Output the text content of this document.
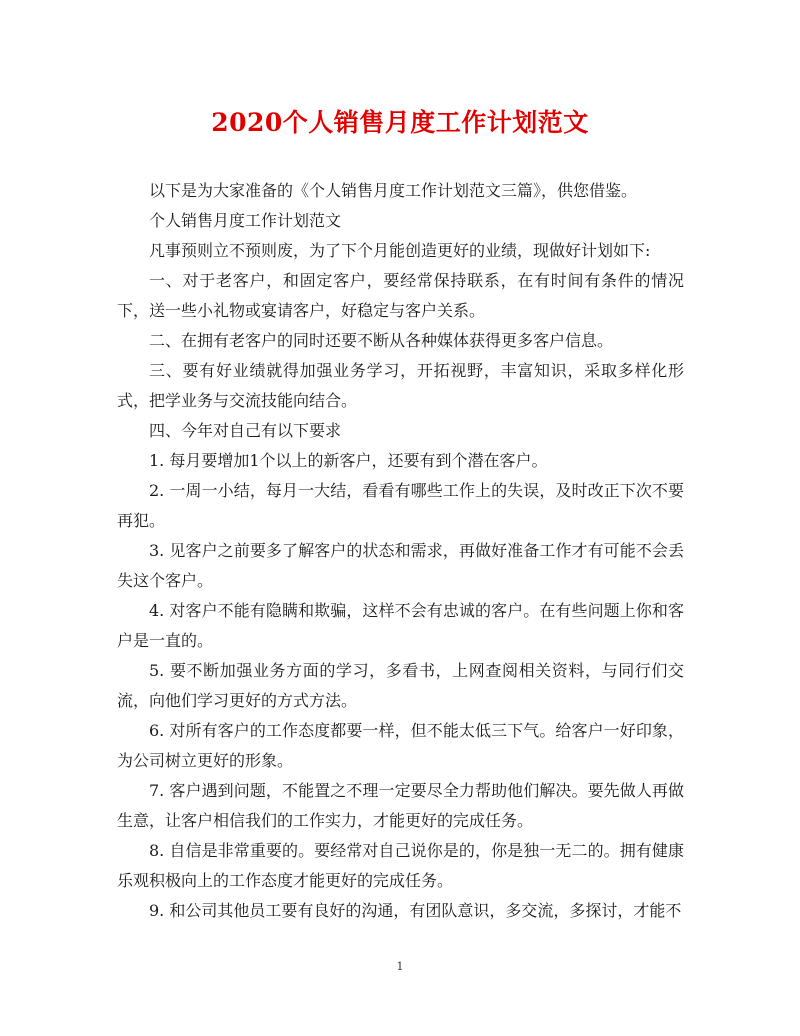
2020个人销售月度工作计划范文

以下是为大家准备的《个人销售月度工作计划范文三篇》，供您借鉴。

个人销售月度工作计划范文

凡事预则立不预则废，为了下个月能创造更好的业绩，现做好计划如下:

一、对于老客户，和固定客户，要经常保持联系，在有时间有条件的情况下，送一些小礼物或宴请客户，好稳定与客户关系。

二、在拥有老客户的同时还要不断从各种媒体获得更多客户信息。

三、要有好业绩就得加强业务学习，开拓视野，丰富知识，采取多样化形式，把学业务与交流技能向结合。

四、今年对自己有以下要求

1. 每月要增加1个以上的新客户，还要有到个潜在客户。

2. 一周一小结，每月一大结，看看有哪些工作上的失误，及时改正下次不要再犯。

3. 见客户之前要多了解客户的状态和需求，再做好准备工作才有可能不会丢失这个客户。

4. 对客户不能有隐瞒和欺骗，这样不会有忠诚的客户。在有些问题上你和客户是一直的。

5. 要不断加强业务方面的学习，多看书，上网查阅相关资料，与同行们交流，向他们学习更好的方式方法。

6. 对所有客户的工作态度都要一样，但不能太低三下气。给客户一好印象，为公司树立更好的形象。

7. 客户遇到问题，不能置之不理一定要尽全力帮助他们解决。要先做人再做生意，让客户相信我们的工作实力，才能更好的完成任务。

8. 自信是非常重要的。要经常对自己说你是的，你是独一无二的。拥有健康乐观积极向上的工作态度才能更好的完成任务。

9. 和公司其他员工要有良好的沟通，有团队意识，多交流，多探讨，才能不

1
